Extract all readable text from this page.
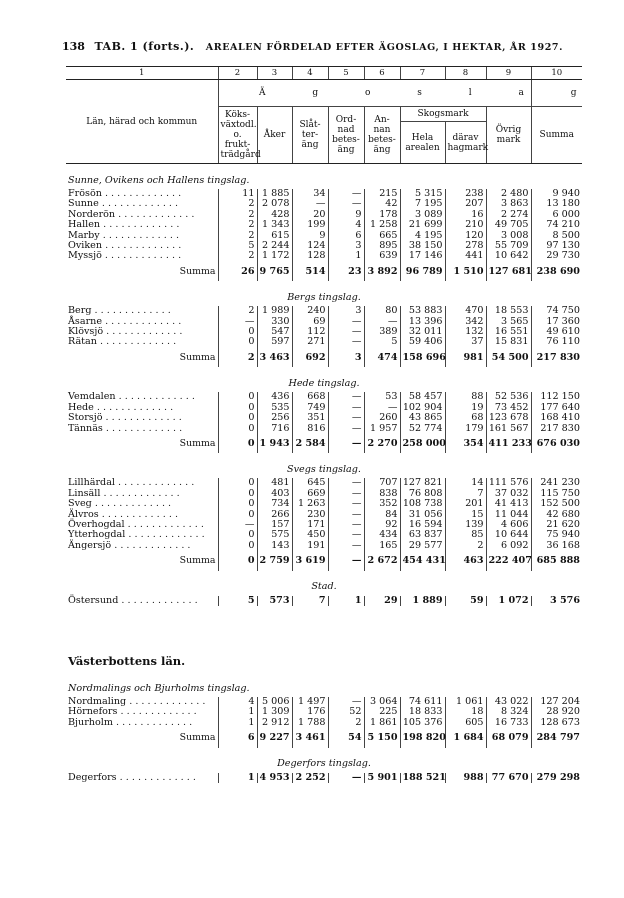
138 TAB. 1 (forts.). AREALEN FÖRDELAD EFTER ÄGOSLAG, I HEKTAR, ÅR 1927.
1	2	3	4	5	6	7	8	9	10
Län, härad och kommun		Ä g o s l a g							
	Köks-växtodl. o. frukt-trädgård	Åker	Slåt-ter-äng	Ord-nad betes-äng	An-nan betes-äng	Skogsmark		Övrig mark	Summa
						Hela arealen	därav hagmark		

Sunne, Ovikens och Hallens tingslag.									
Frösön . . . . . . . . . . . . .	11	1 885	34	—	215	5 315	238	2 480	9 940
Sunne . . . . . . . . . . . . .	2	2 078	—	—	42	7 195	207	3 863	13 180
Norderön . . . . . . . . . . . . .	2	428	20	9	178	3 089	16	2 274	6 000
Hallen . . . . . . . . . . . . .	2	1 343	199	4	1 258	21 699	210	49 705	74 210
Marby . . . . . . . . . . . . .	2	615	9	6	665	4 195	120	3 008	8 500
Oviken . . . . . . . . . . . . .	5	2 244	124	3	895	38 150	278	55 709	97 130
Myssjö . . . . . . . . . . . . .	2	1 172	128	1	639	17 146	441	10 642	29 730
Summa	26	9 765	514	23	3 892	96 789	1 510	127 681	238 690
Bergs tingslag.									
Berg . . . . . . . . . . . . .	2	1 989	240	3	80	53 883	470	18 553	74 750
Åsarne . . . . . . . . . . . . .	—	330	69	—	—	13 396	342	3 565	17 360
Klövsjö . . . . . . . . . . . . .	0	547	112	—	389	32 011	132	16 551	49 610
Rätan . . . . . . . . . . . . .	0	597	271	—	5	59 406	37	15 831	76 110
Summa	2	3 463	692	3	474	158 696	981	54 500	217 830
Hede tingslag.									
Vemdalen . . . . . . . . . . . . .	0	436	668	—	53	58 457	88	52 536	112 150
Hede . . . . . . . . . . . . .	0	535	749	—	—	102 904	19	73 452	177 640
Storsjö . . . . . . . . . . . . .	0	256	351	—	260	43 865	68	123 678	168 410
Tännäs . . . . . . . . . . . . .	0	716	816	—	1 957	52 774	179	161 567	217 830
Summa	0	1 943	2 584	—	2 270	258 000	354	411 233	676 030
Svegs tingslag.									
Lillhärdal . . . . . . . . . . . . .	0	481	645	—	707	127 821	14	111 576	241 230
Linsäll . . . . . . . . . . . . .	0	403	669	—	838	76 808	7	37 032	115 750
Sveg . . . . . . . . . . . . .	0	734	1 263	—	352	108 738	201	41 413	152 500
Älvros . . . . . . . . . . . . .	0	266	230	—	84	31 056	15	11 044	42 680
Överhogdal . . . . . . . . . . . . .	—	157	171	—	92	16 594	139	4 606	21 620
Ytterhogdal . . . . . . . . . . . . .	0	575	450	—	434	63 837	85	10 644	75 940
Ängersjö . . . . . . . . . . . . .	0	143	191	—	165	29 577	2	6 092	36 168
Summa	0	2 759	3 619	—	2 672	454 431	463	222 407	685 888
Stad.									
Östersund . . . . . . . . . . . . .	5	573	7	1	29	1 889	59	1 072	3 576
Västerbottens län.									
Nordmalings och Bjurholms tingslag.									
Nordmaling . . . . . . . . . . . . .	4	5 006	1 497	—	3 064	74 611	1 061	43 022	127 204
Hörnefors . . . . . . . . . . . . .	1	1 309	176	52	225	18 833	18	8 324	28 920
Bjurholm . . . . . . . . . . . . .	1	2 912	1 788	2	1 861	105 376	605	16 733	128 673
Summa	6	9 227	3 461	54	5 150	198 820	1 684	68 079	284 797
Degerfors tingslag.									
Degerfors . . . . . . . . . . . . .	1	4 953	2 252	—	5 901	188 521	988	77 670	279 298
